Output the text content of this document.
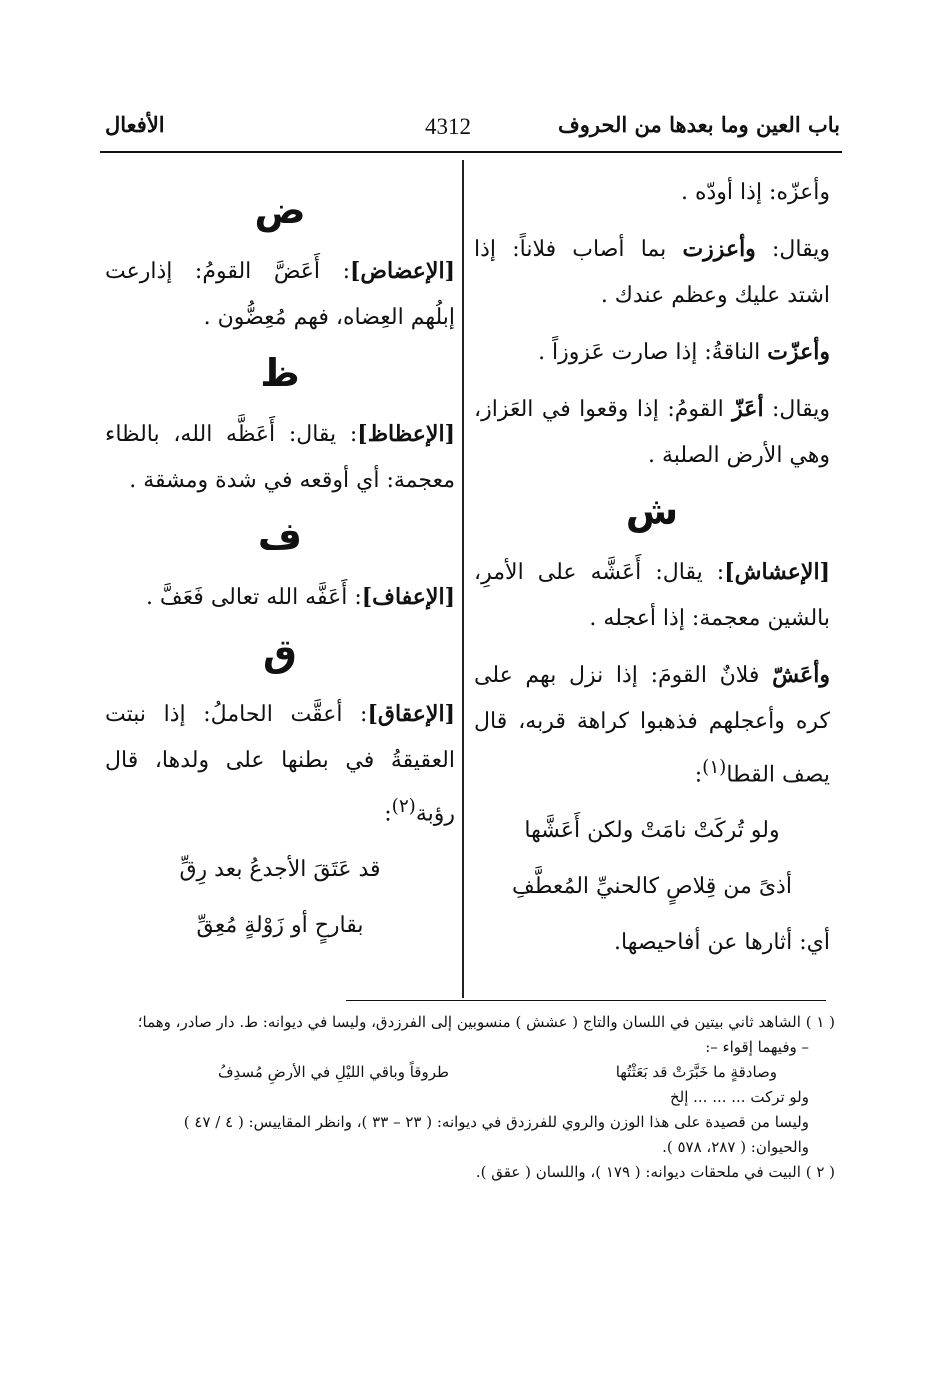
باب العين وما بعدها من الحروف
4312
الأفعال

وأعزّه: إذا أودّه .

ويقال: وأعززت بما أصاب فلاناً: إذا اشتد عليك وعظم عندك .

وأعزّت الناقةُ: إذا صارت عَزوزاً .

ويقال: أعَزّ القومُ: إذا وقعوا في العَزاز، وهي الأرض الصلبة .

ش

[الإعشاش]: يقال: أَعَشَّه على الأمرِ، بالشين معجمة: إذا أعجله .

وأعَشّ فلانٌ القومَ: إذا نزل بهم على كره وأعجلهم فذهبوا كراهة قربه، قال يصف القطا$^{(١)}$:

ولو تُركَتْ نامَتْ ولكن أَعَشَّها
أذىً من قِلاصٍ كالحنيِّ المُعطَّفِ

أي: أثارها عن أفاحيصها.

ض

[الإعضاض]: أَعَضَّ القومُ: إذارعت إبلُهم العِضاه، فهم مُعِضُّون .

ظ

[الإعظاظ]: يقال: أَعَظَّه الله، بالظاء معجمة: أي أوقعه في شدة ومشقة .

ف

[الإعفاف]: أَعَفَّه الله تعالى فَعَفَّ .

ق

[الإعقاق]: أعقَّت الحاملُ: إذا نبتت العقيقةُ في بطنها على ولدها، قال رؤبة$^{(٢)}$:

قد عَتَقَ الأجدعُ بعد رِقِّ
بقارحٍ أو زَوْلةٍ مُعِقِّ

( ١ ) الشاهد ثاني بيتين في اللسان والتاج ( عشش ) منسوبين إلى الفرزدق، وليسا في ديوانه: ط. دار صادر، وهما؛

– وفيهما إقواء –:

وصادقةٍ ما خَبَّرَتْ قد بَعَثْتُها
طروقاً وباقي الليْلِ في الأرضِ مُسدِفُ

ولو تركت ... ... ... إلخ

وليسا من قصيدة على هذا الوزن والروي للفرزدق في ديوانه: ( ٢٣ – ٣٣ )، وانظر المقاييس: ( ٤ / ٤٧ )

والحيوان: ( ٢٨٧، ٥٧٨ ).

( ٢ ) البيت في ملحقات ديوانه: ( ١٧٩ )، واللسان ( عقق ).
